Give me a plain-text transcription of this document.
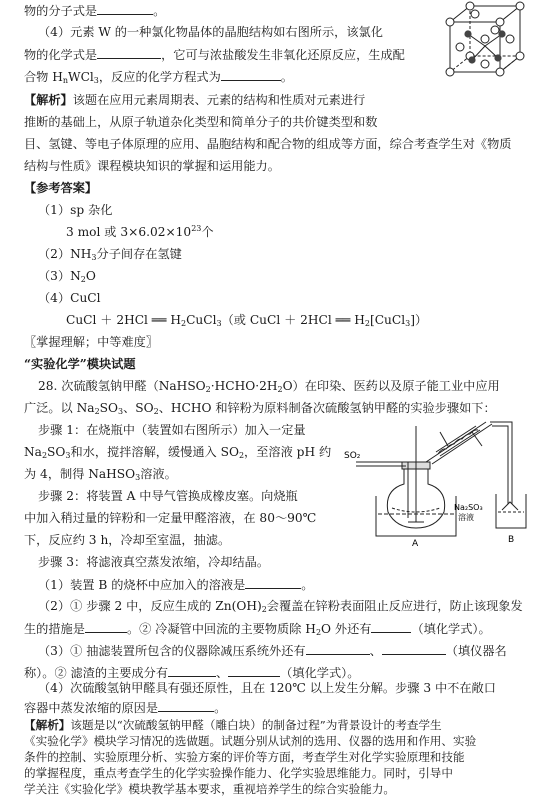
物的分子式是	。
（4）元素 W 的一种氯化物晶体的晶胞结构如右图所示，该氯化
物的化学式是	，它可与浓盐酸发生非氧化还原反应，生成配
合物 $H_nWCl_3$，反应的化学方程式为	。
【解析】该题在应用元素周期表、元素的结构和性质对元素进行
推断的基础上，从原子轨道杂化类型和简单分子的共价键类型和数
目、氢键、等电子体原理的应用、晶胞结构和配合物的组成等方面，综合考查学生对《物质
结构与性质》课程模块知识的掌握和运用能力。
【参考答案】
（1）sp 杂化
3 mol 或 $3\times 6.02\times 10^{23}$个
$(2)NH_3$分子间存在氢键
$(3)N_2O$
（4）CuCl
CuCl ＋ 2HCl ══ $H_2CuCl_3$（或 CuCl ＋ 2HCl ══ $H_2[CuCl_3]$）
〖掌握理解；中等难度〗
“实验化学”模块试题
28. 次硫酸氢钠甲醛$(NaHSO_2\cdot HCHO\cdot 2H_2O)$在印染、医药以及原子能工业中应用
广泛。以 $Na_2SO_3$、$SO_2$、HCHO 和锌粉为原料制备次硫酸氢钠甲醛的实验步骤如下：
步骤 1：在烧瓶中（装置如右图所示）加入一定量
$Na_2SO_3$和水，搅拌溶解，缓慢通入 $SO_2$，至溶液 pH 约
为 4，制得 NaHSO$_3$溶液。
步骤 2：将装置 A 中导气管换成橡皮塞。向烧瓶
中加入稍过量的锌粉和一定量甲醛溶液，在 80～90℃
下，反应约 3 h，冷却至室温，抽滤。
步骤 3：将滤液真空蒸发浓缩，冷却结晶。
SO₂
Na₂SO₃
溶液
A	B
（1）装置 B 的烧杯中应加入的溶液是	。
（2）① 步骤 2 中，反应生成的 $Zn(OH)_2$会覆盖在锌粉表面阻止反应进行，防止该现象发
生的措施是	。② 冷凝管中回流的主要物质除 $H_2O$ 外还有	（填化学式）。
（3）① 抽滤装置所包含的仪器除减压系统外还有	、	（填仪器名
称）。② 滤渣的主要成分有	、	（填化学式）。
（4）次硫酸氢钠甲醛具有强还原性，且在 120℃ 以上发生分解。步骤 3 中不在敞口
容器中蒸发浓缩的原因是	。
【解析】该题是以“次硫酸氢钠甲醛（雕白块）的制备过程”为背景设计的考查学生
《实验化学》模块学习情况的选做题。试题分别从试剂的选用、仪器的选用和作用、实验
条件的控制、实验原理分析、实验方案的评价等方面，考查学生对化学实验原理和技能
的掌握程度，重点考查学生的化学实验操作能力、化学实验思维能力。同时，引导中
学关注《实验化学》模块教学基本要求，重视培养学生的综合实验能力。
